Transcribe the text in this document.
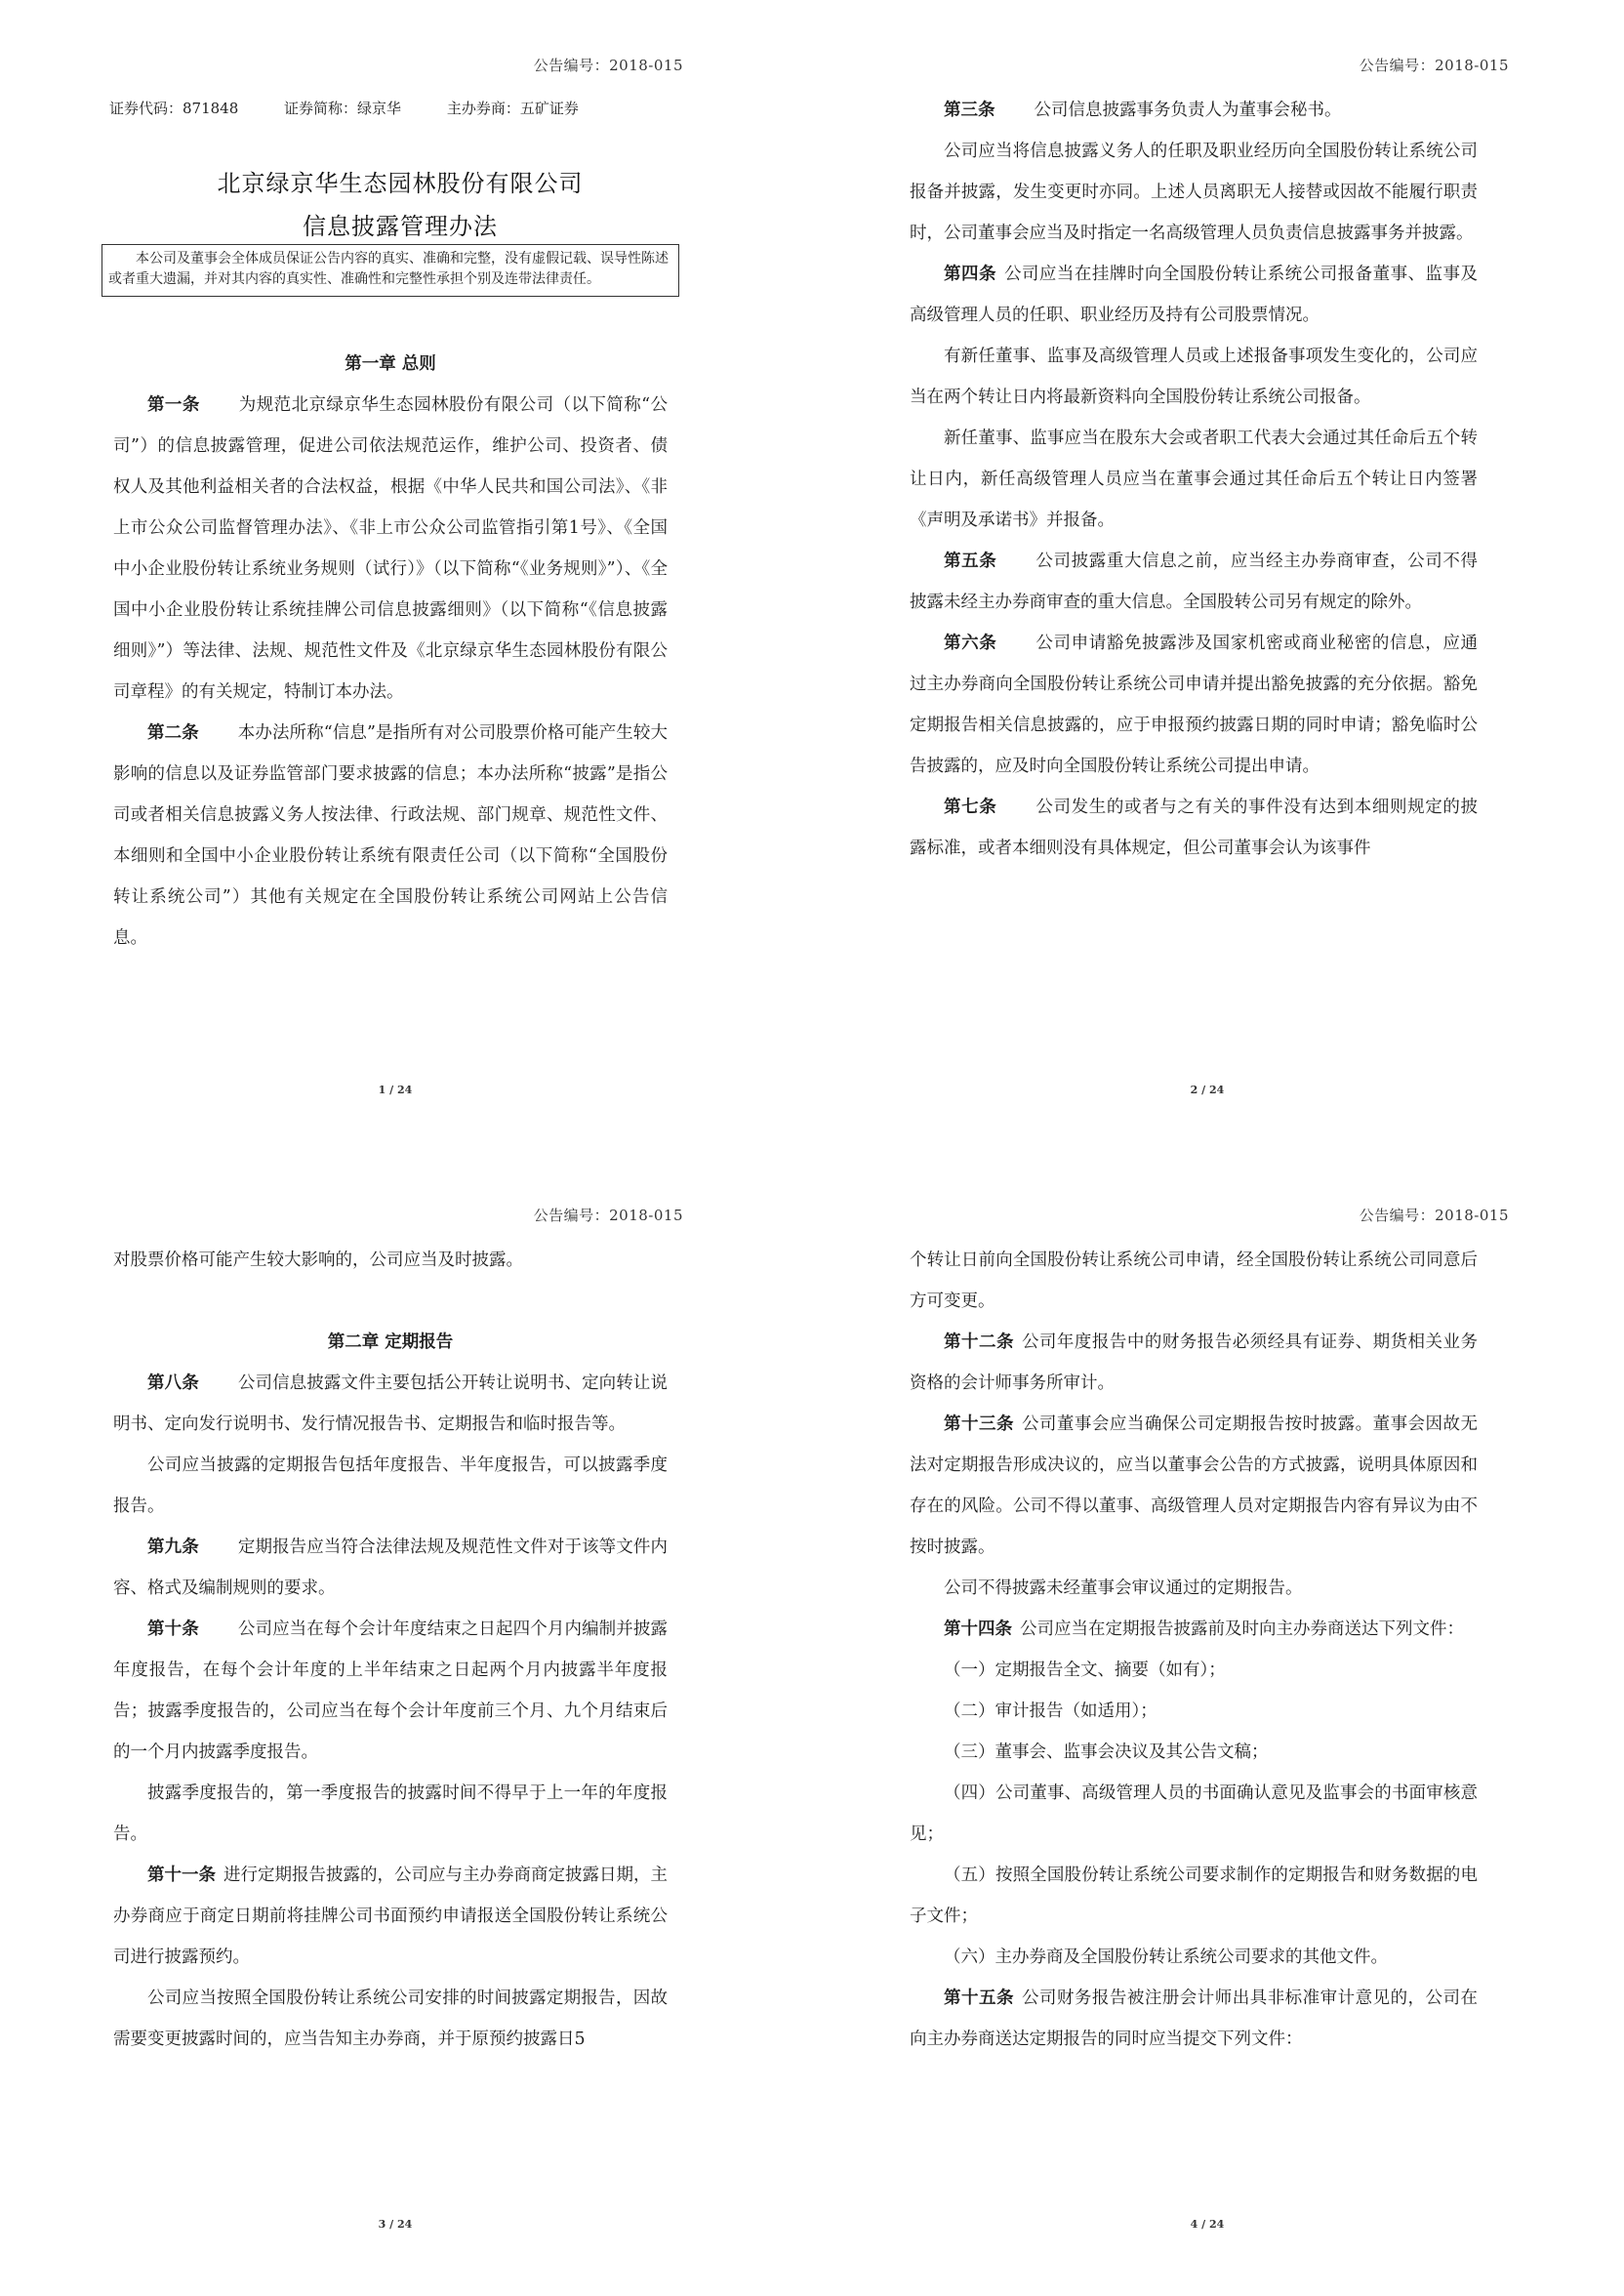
公告编号：2018-015
证券代码：871848	证券简称：绿京华	主办券商：五矿证券
北京绿京华生态园林股份有限公司
信息披露管理办法
本公司及董事会全体成员保证公告内容的真实、准确和完整，没有虚假记载、误导性陈述或者重大遗漏，并对其内容的真实性、准确性和完整性承担个别及连带法律责任。

第一章 总则

第一条 为规范北京绿京华生态园林股份有限公司（以下简称“公司”）的信息披露管理，促进公司依法规范运作，维护公司、投资者、债权人及其他利益相关者的合法权益，根据《中华人民共和国公司法》、《非上市公众公司监督管理办法》、《非上市公众公司监管指引第1号》、《全国中小企业股份转让系统业务规则（试行）》（以下简称“《业务规则》”）、《全国中小企业股份转让系统挂牌公司信息披露细则》（以下简称“《信息披露细则》”）等法律、法规、规范性文件及《北京绿京华生态园林股份有限公司章程》的有关规定，特制订本办法。

第二条 本办法所称“信息”是指所有对公司股票价格可能产生较大影响的信息以及证券监管部门要求披露的信息；本办法所称“披露”是指公司或者相关信息披露义务人按法律、行政法规、部门规章、规范性文件、本细则和全国中小企业股份转让系统有限责任公司（以下简称“全国股份转让系统公司”）其他有关规定在全国股份转让系统公司网站上公告信息。

1 / 24
公告编号：2018-015

第三条 公司信息披露事务负责人为董事会秘书。

公司应当将信息披露义务人的任职及职业经历向全国股份转让系统公司报备并披露，发生变更时亦同。上述人员离职无人接替或因故不能履行职责时，公司董事会应当及时指定一名高级管理人员负责信息披露事务并披露。

第四条 公司应当在挂牌时向全国股份转让系统公司报备董事、监事及高级管理人员的任职、职业经历及持有公司股票情况。

有新任董事、监事及高级管理人员或上述报备事项发生变化的，公司应当在两个转让日内将最新资料向全国股份转让系统公司报备。

新任董事、监事应当在股东大会或者职工代表大会通过其任命后五个转让日内，新任高级管理人员应当在董事会通过其任命后五个转让日内签署《声明及承诺书》并报备。

第五条 公司披露重大信息之前，应当经主办券商审查，公司不得披露未经主办券商审查的重大信息。全国股转公司另有规定的除外。

第六条 公司申请豁免披露涉及国家机密或商业秘密的信息，应通过主办券商向全国股份转让系统公司申请并提出豁免披露的充分依据。豁免定期报告相关信息披露的，应于申报预约披露日期的同时申请；豁免临时公告披露的，应及时向全国股份转让系统公司提出申请。

第七条 公司发生的或者与之有关的事件没有达到本细则规定的披露标准，或者本细则没有具体规定，但公司董事会认为该事件

2 / 24
公告编号：2018-015

对股票价格可能产生较大影响的，公司应当及时披露。

第二章 定期报告

第八条 公司信息披露文件主要包括公开转让说明书、定向转让说明书、定向发行说明书、发行情况报告书、定期报告和临时报告等。

公司应当披露的定期报告包括年度报告、半年度报告，可以披露季度报告。

第九条 定期报告应当符合法律法规及规范性文件对于该等文件内容、格式及编制规则的要求。

第十条 公司应当在每个会计年度结束之日起四个月内编制并披露年度报告，在每个会计年度的上半年结束之日起两个月内披露半年度报告；披露季度报告的，公司应当在每个会计年度前三个月、九个月结束后的一个月内披露季度报告。

披露季度报告的，第一季度报告的披露时间不得早于上一年的年度报告。

第十一条 进行定期报告披露的，公司应与主办券商商定披露日期，主办券商应于商定日期前将挂牌公司书面预约申请报送全国股份转让系统公司进行披露预约。

公司应当按照全国股份转让系统公司安排的时间披露定期报告，因故需要变更披露时间的，应当告知主办券商，并于原预约披露日5

3 / 24
公告编号：2018-015

个转让日前向全国股份转让系统公司申请，经全国股份转让系统公司同意后方可变更。

第十二条 公司年度报告中的财务报告必须经具有证券、期货相关业务资格的会计师事务所审计。

第十三条 公司董事会应当确保公司定期报告按时披露。董事会因故无法对定期报告形成决议的，应当以董事会公告的方式披露，说明具体原因和存在的风险。公司不得以董事、高级管理人员对定期报告内容有异议为由不按时披露。

公司不得披露未经董事会审议通过的定期报告。

第十四条 公司应当在定期报告披露前及时向主办券商送达下列文件：

（一）定期报告全文、摘要（如有）；

（二）审计报告（如适用）；

（三）董事会、监事会决议及其公告文稿；

（四）公司董事、高级管理人员的书面确认意见及监事会的书面审核意见；

（五）按照全国股份转让系统公司要求制作的定期报告和财务数据的电子文件；

（六）主办券商及全国股份转让系统公司要求的其他文件。

第十五条 公司财务报告被注册会计师出具非标准审计意见的，公司在向主办券商送达定期报告的同时应当提交下列文件：

4 / 24
